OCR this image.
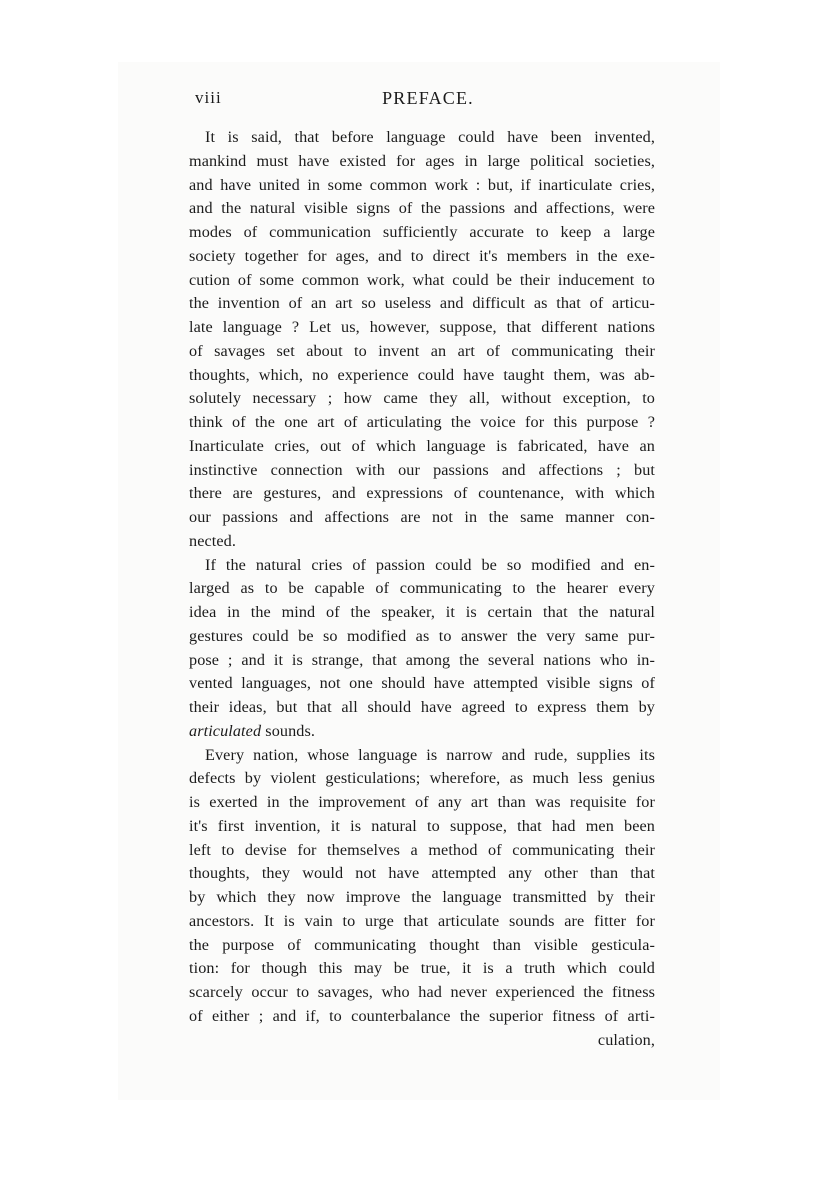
viii	PREFACE.
It is said, that before language could have been invented,
mankind must have existed for ages in large political societies,
and have united in some common work : but, if inarticulate cries,
and the natural visible signs of the passions and affections, were
modes of communication sufficiently accurate to keep a large
society together for ages, and to direct it's members in the exe-
cution of some common work, what could be their inducement to
the invention of an art so useless and difficult as that of articu-
late language ? Let us, however, suppose, that different nations
of savages set about to invent an art of communicating their
thoughts, which, no experience could have taught them, was ab-
solutely necessary ; how came they all, without exception, to
think of the one art of articulating the voice for this purpose ?
Inarticulate cries, out of which language is fabricated, have an
instinctive connection with our passions and affections ; but
there are gestures, and expressions of countenance, with which
our passions and affections are not in the same manner con-
nected.
If the natural cries of passion could be so modified and en-
larged as to be capable of communicating to the hearer every
idea in the mind of the speaker, it is certain that the natural
gestures could be so modified as to answer the very same pur-
pose ; and it is strange, that among the several nations who in-
vented languages, not one should have attempted visible signs of
their ideas, but that all should have agreed to express them by
articulated sounds.
Every nation, whose language is narrow and rude, supplies its
defects by violent gesticulations; wherefore, as much less genius
is exerted in the improvement of any art than was requisite for
it's first invention, it is natural to suppose, that had men been
left to devise for themselves a method of communicating their
thoughts, they would not have attempted any other than that
by which they now improve the language transmitted by their
ancestors. It is vain to urge that articulate sounds are fitter for
the purpose of communicating thought than visible gesticula-
tion: for though this may be true, it is a truth which could
scarcely occur to savages, who had never experienced the fitness
of either ; and if, to counterbalance the superior fitness of arti-
culation,
